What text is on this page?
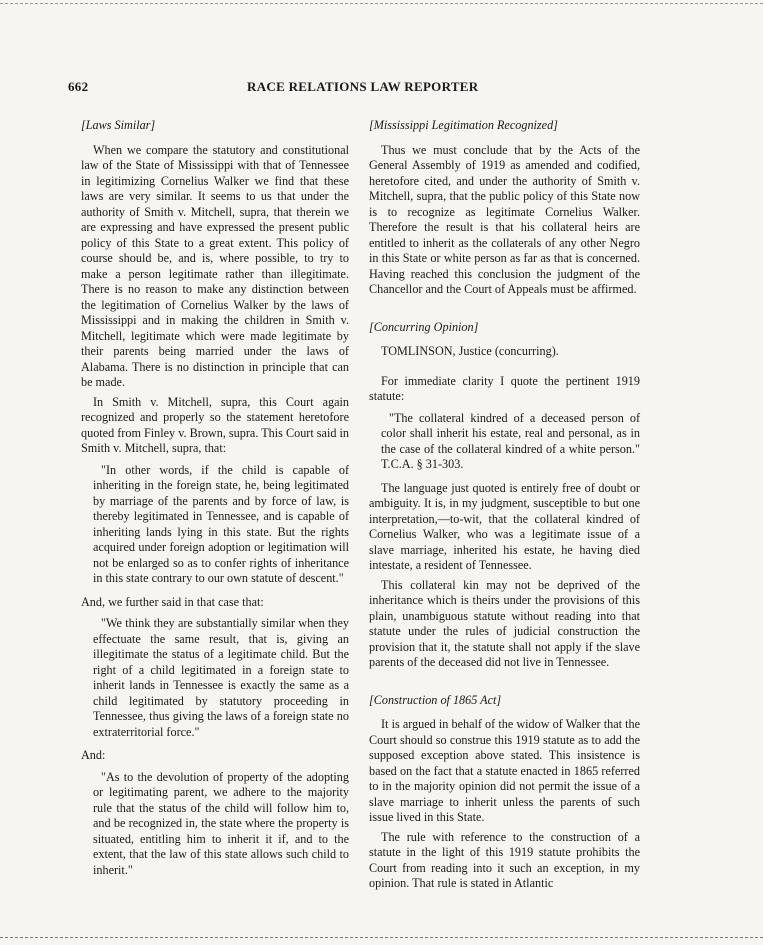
662	RACE RELATIONS LAW REPORTER
[Laws Similar]

When we compare the statutory and constitutional law of the State of Mississippi with that of Tennessee in legitimizing Cornelius Walker we find that these laws are very similar. It seems to us that under the authority of Smith v. Mitchell, supra, that therein we are expressing and have expressed the present public policy of this State to a great extent. This policy of course should be, and is, where possible, to try to make a person legitimate rather than illegitimate. There is no reason to make any distinction between the legitimation of Cornelius Walker by the laws of Mississippi and in making the children in Smith v. Mitchell, legitimate which were made legitimate by their parents being married under the laws of Alabama. There is no distinction in principle that can be made.

In Smith v. Mitchell, supra, this Court again recognized and properly so the statement heretofore quoted from Finley v. Brown, supra. This Court said in Smith v. Mitchell, supra, that:

"In other words, if the child is capable of inheriting in the foreign state, he, being legitimated by marriage of the parents and by force of law, is thereby legitimated in Tennessee, and is capable of inheriting lands lying in this state. But the rights acquired under foreign adoption or legitimation will not be enlarged so as to confer rights of inheritance in this state contrary to our own statute of descent."

And, we further said in that case that:

"We think they are substantially similar when they effectuate the same result, that is, giving an illegitimate the status of a legitimate child. But the right of a child legitimated in a foreign state to inherit lands in Tennessee is exactly the same as a child legitimated by statutory proceeding in Tennessee, thus giving the laws of a foreign state no extraterritorial force."

And:

"As to the devolution of property of the adopting or legitimating parent, we adhere to the majority rule that the status of the child will follow him to, and be recognized in, the state where the property is situated, entitling him to inherit it if, and to the extent, that the law of this state allows such child to inherit."
[Mississippi Legitimation Recognized]

Thus we must conclude that by the Acts of the General Assembly of 1919 as amended and codified, heretofore cited, and under the authority of Smith v. Mitchell, supra, that the public policy of this State now is to recognize as legitimate Cornelius Walker. Therefore the result is that his collateral heirs are entitled to inherit as the collaterals of any other Negro in this State or white person as far as that is concerned. Having reached this conclusion the judgment of the Chancellor and the Court of Appeals must be affirmed.

[Concurring Opinion]

TOMLINSON, Justice (concurring).

For immediate clarity I quote the pertinent 1919 statute:

"The collateral kindred of a deceased person of color shall inherit his estate, real and personal, as in the case of the collateral kindred of a white person." T.C.A. § 31-303.

The language just quoted is entirely free of doubt or ambiguity. It is, in my judgment, susceptible to but one interpretation,—to-wit, that the collateral kindred of Cornelius Walker, who was a legitimate issue of a slave marriage, inherited his estate, he having died intestate, a resident of Tennessee.

This collateral kin may not be deprived of the inheritance which is theirs under the provisions of this plain, unambiguous statute without reading into that statute under the rules of judicial construction the provision that it, the statute shall not apply if the slave parents of the deceased did not live in Tennessee.

[Construction of 1865 Act]

It is argued in behalf of the widow of Walker that the Court should so construe this 1919 statute as to add the supposed exception above stated. This insistence is based on the fact that a statute enacted in 1865 referred to in the majority opinion did not permit the issue of a slave marriage to inherit unless the parents of such issue lived in this State.

The rule with reference to the construction of a statute in the light of this 1919 statute prohibits the Court from reading into it such an exception, in my opinion. That rule is stated in Atlantic
